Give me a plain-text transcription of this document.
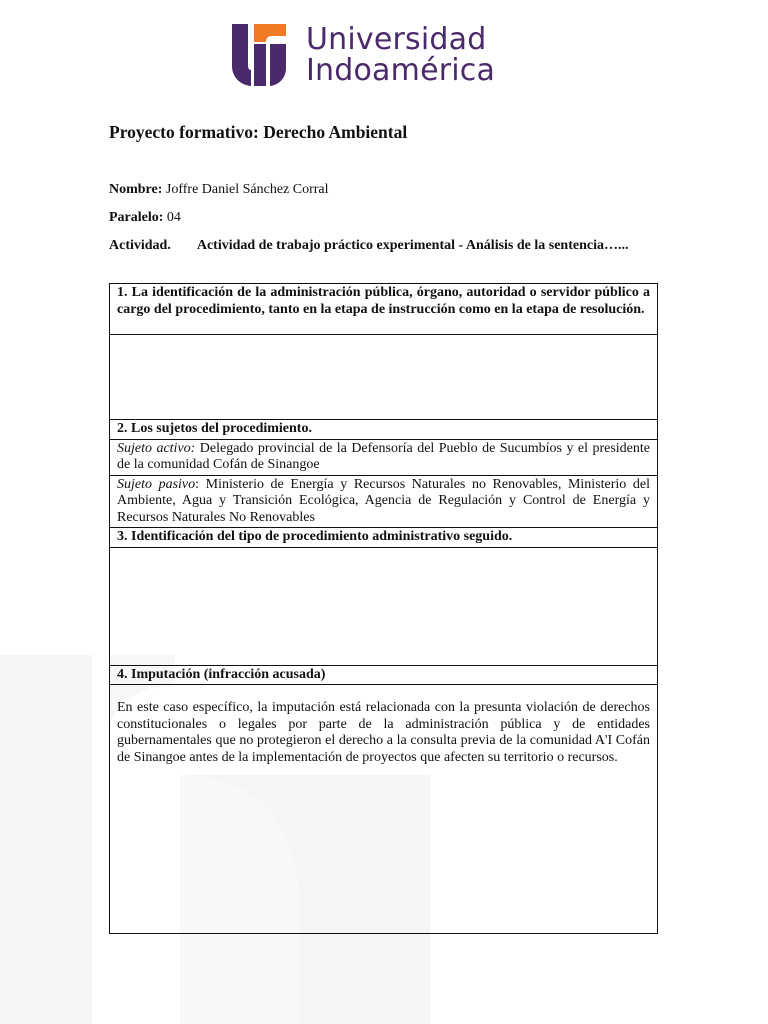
Universidad
Indoamérica
Proyecto formativo: Derecho Ambiental
Nombre: Joffre Daniel Sánchez Corral
Paralelo: 04
Actividad. Actividad de trabajo práctico experimental - Análisis de la sentencia…...
1. La identificación de la administración pública, órgano, autoridad o servidor público a cargo del procedimiento, tanto en la etapa de instrucción como en la etapa de resolución.

2. Los sujetos del procedimiento.
Sujeto activo: Delegado provincial de la Defensoría del Pueblo de Sucumbíos y el presidente de la comunidad Cofán de Sinangoe
Sujeto pasivo: Ministerio de Energía y Recursos Naturales no Renovables, Ministerio del Ambiente, Agua y Transición Ecológica, Agencia de Regulación y Control de Energía y Recursos Naturales No Renovables
3. Identificación del tipo de procedimiento administrativo seguido.

4. Imputación (infracción acusada)
En este caso específico, la imputación está relacionada con la presunta violación de derechos constitucionales o legales por parte de la administración pública y de entidades gubernamentales que no protegieron el derecho a la consulta previa de la comunidad A'I Cofán de Sinangoe antes de la implementación de proyectos que afecten su territorio o recursos.
